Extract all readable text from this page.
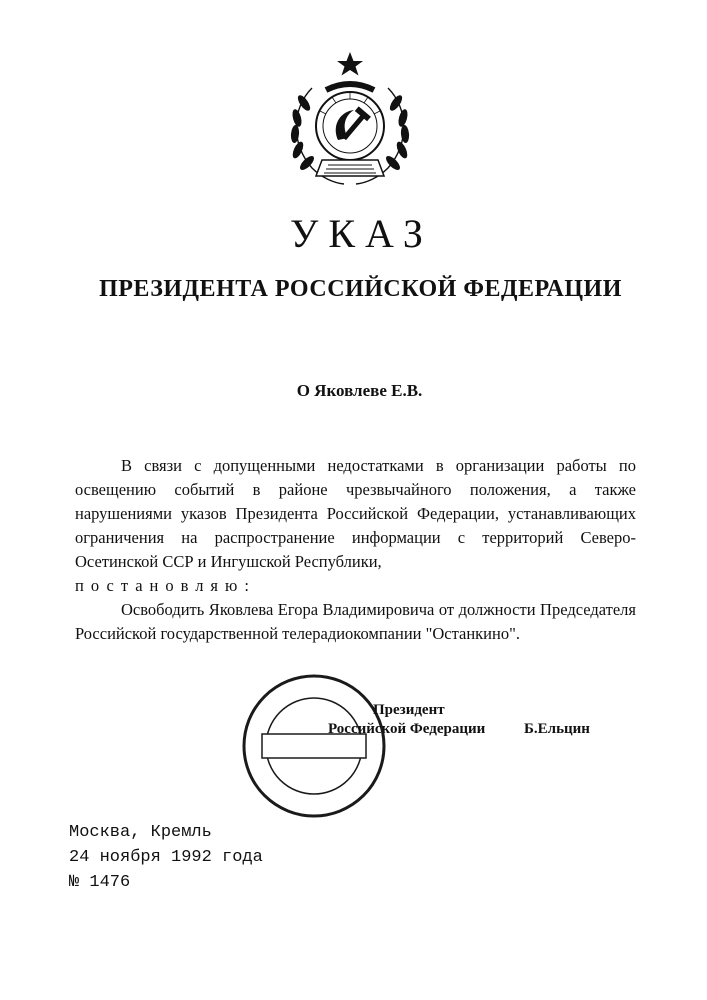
УКАЗ
ПРЕЗИДЕНТА РОССИЙСКОЙ ФЕДЕРАЦИИ
О Яковлеве Е.В.

В связи с допущенными недостатками в организации работы по освещению событий в районе чрезвычайного положения, а также нарушениями указов Президента Российской Федерации, устанавливающих ограничения на распространение информации с территорий Северо-Осетинской ССР и Ингушской Республики,

постановляю:

Освободить Яковлева Егора Владимировича от должности Председателя Российской государственной телерадиокомпании "Останкино".

Президент
Российской Федерации	Б.Ельцин
Москва, Кремль
24 ноября 1992 года
№ 1476
